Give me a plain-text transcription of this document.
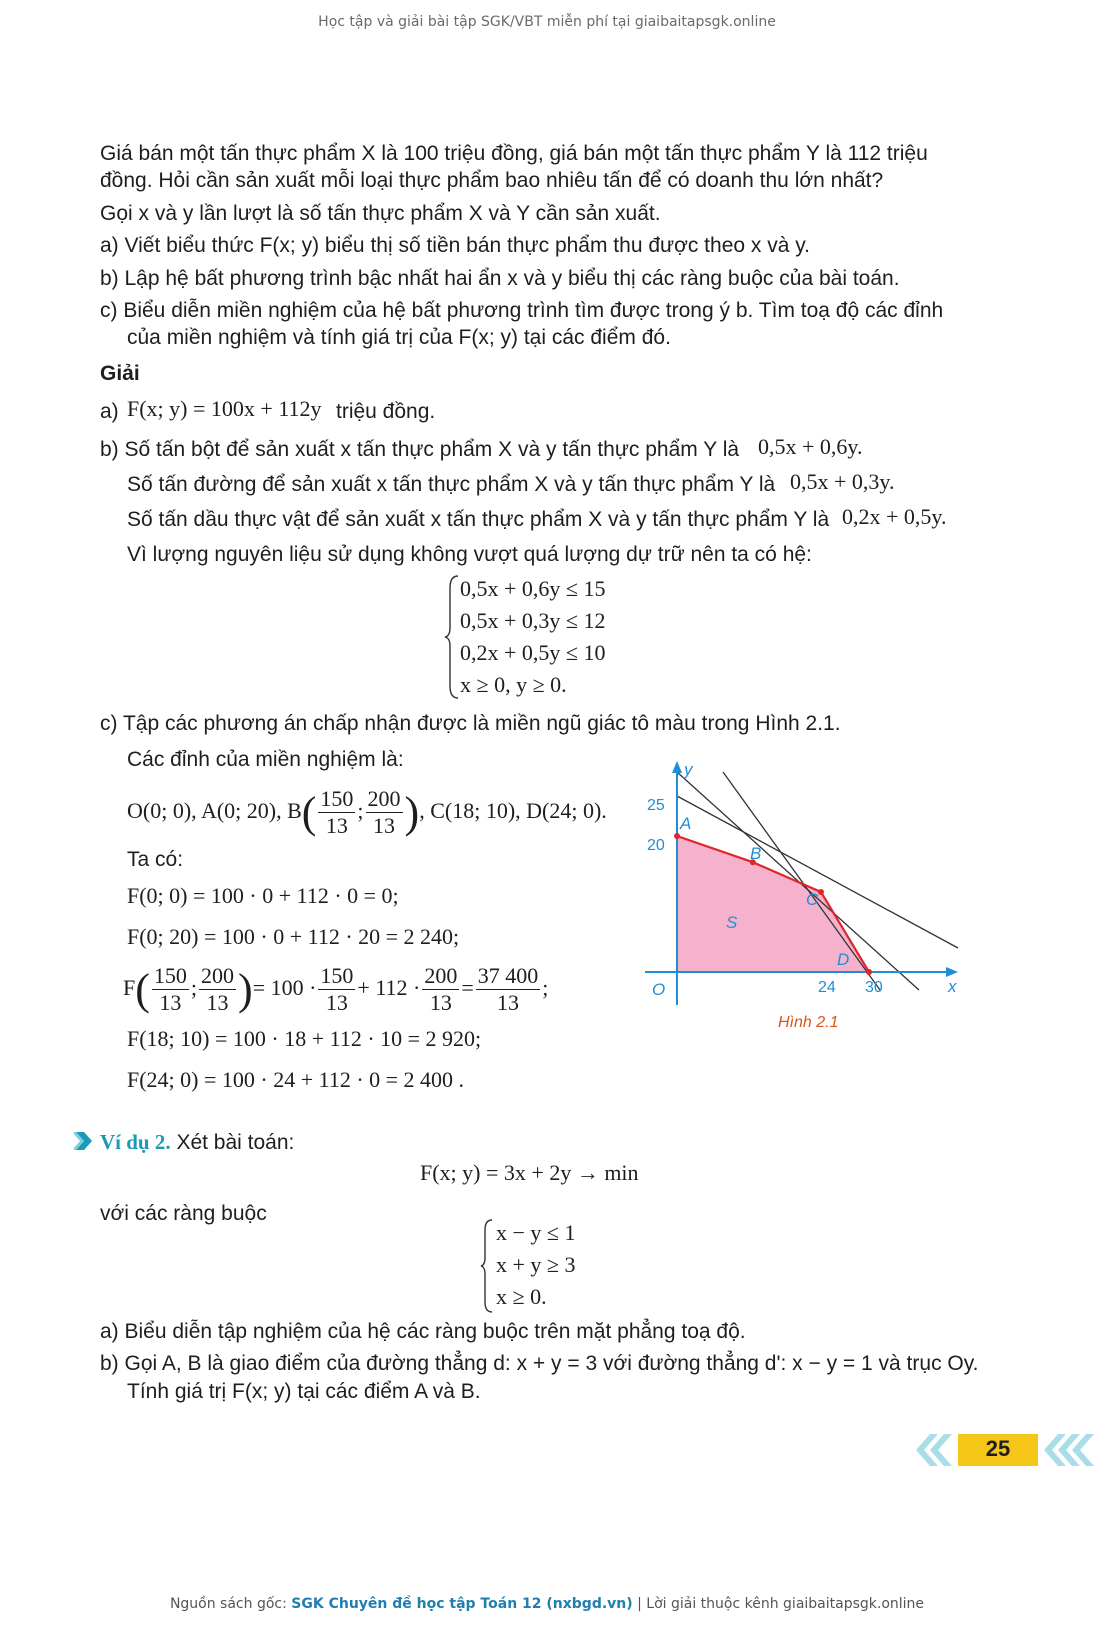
Học tập và giải bài tập SGK/VBT miễn phí tại giaibaitapsgk.online
Giá bán một tấn thực phẩm X là 100 triệu đồng, giá bán một tấn thực phẩm Y là 112 triệu
đồng. Hỏi cần sản xuất mỗi loại thực phẩm bao nhiêu tấn để có doanh thu lớn nhất?
Gọi x và y lần lượt là số tấn thực phẩm X và Y cần sản xuất.
a) Viết biểu thức F(x; y) biểu thị số tiền bán thực phẩm thu được theo x và y.
b) Lập hệ bất phương trình bậc nhất hai ẩn x và y biểu thị các ràng buộc của bài toán.
c) Biểu diễn miền nghiệm của hệ bất phương trình tìm được trong ý b. Tìm toạ độ các đỉnh
của miền nghiệm và tính giá trị của F(x; y) tại các điểm đó.
Giải
a) F(x; y) = 100x + 112y triệu đồng.
b) Số tấn bột để sản xuất x tấn thực phẩm X và y tấn thực phẩm Y là 0,5x + 0,6y.
Số tấn đường để sản xuất x tấn thực phẩm X và y tấn thực phẩm Y là 0,5x + 0,3y.
Số tấn dầu thực vật để sản xuất x tấn thực phẩm X và y tấn thực phẩm Y là 0,2x + 0,5y.
Vì lượng nguyên liệu sử dụng không vượt quá lượng dự trữ nên ta có hệ:
0,5x + 0,6y ≤ 15
0,5x + 0,3y ≤ 12
0,2x + 0,5y ≤ 10
x ≥ 0, y ≥ 0.
c) Tập các phương án chấp nhận được là miền ngũ giác tô màu trong Hình 2.1.
Các đỉnh của miền nghiệm là:
O(0; 0), A(0; 20), $B( \frac{150}{13}$ ; $\frac{200}{13}$ ), C(18; 10), D(24; 0).
Ta có:
F(0; 0) = 100 · 0 + 112 · 0 = 0;
F(0; 20) = 100 · 0 + 112 · 20 = 2 240;
$F( \frac{150}{13}$ ; $\frac{200}{13}$ )= $100 \cdot \frac{150}{13} + 112 \cdot \frac{200}{13} = \frac{37 400}{13}$ ;
F(18; 10) = 100 · 18 + 112 · 10 = 2 920;
F(24; 0) = 100 · 24 + 112 · 0 = 2 400 .
y
x
O
A
B
C
D
S
25
20
24 30
Hình 2.1
Ví dụ 2. Xét bài toán:
F(x; y) = 3x + 2y → min
với các ràng buộc
x − y ≤ 1
x + y ≥ 3
x ≥ 0.
a) Biểu diễn tập nghiệm của hệ các ràng buộc trên mặt phẳng toạ độ.
b) Gọi A, B là giao điểm của đường thẳng d: x + y = 3 với đường thẳng d': x − y = 1 và trục Oy.
Tính giá trị F(x; y) tại các điểm A và B.
25
Nguồn sách gốc: SGK Chuyên đề học tập Toán 12 (nxbgd.vn) | Lời giải thuộc kênh giaibaitapsgk.online
